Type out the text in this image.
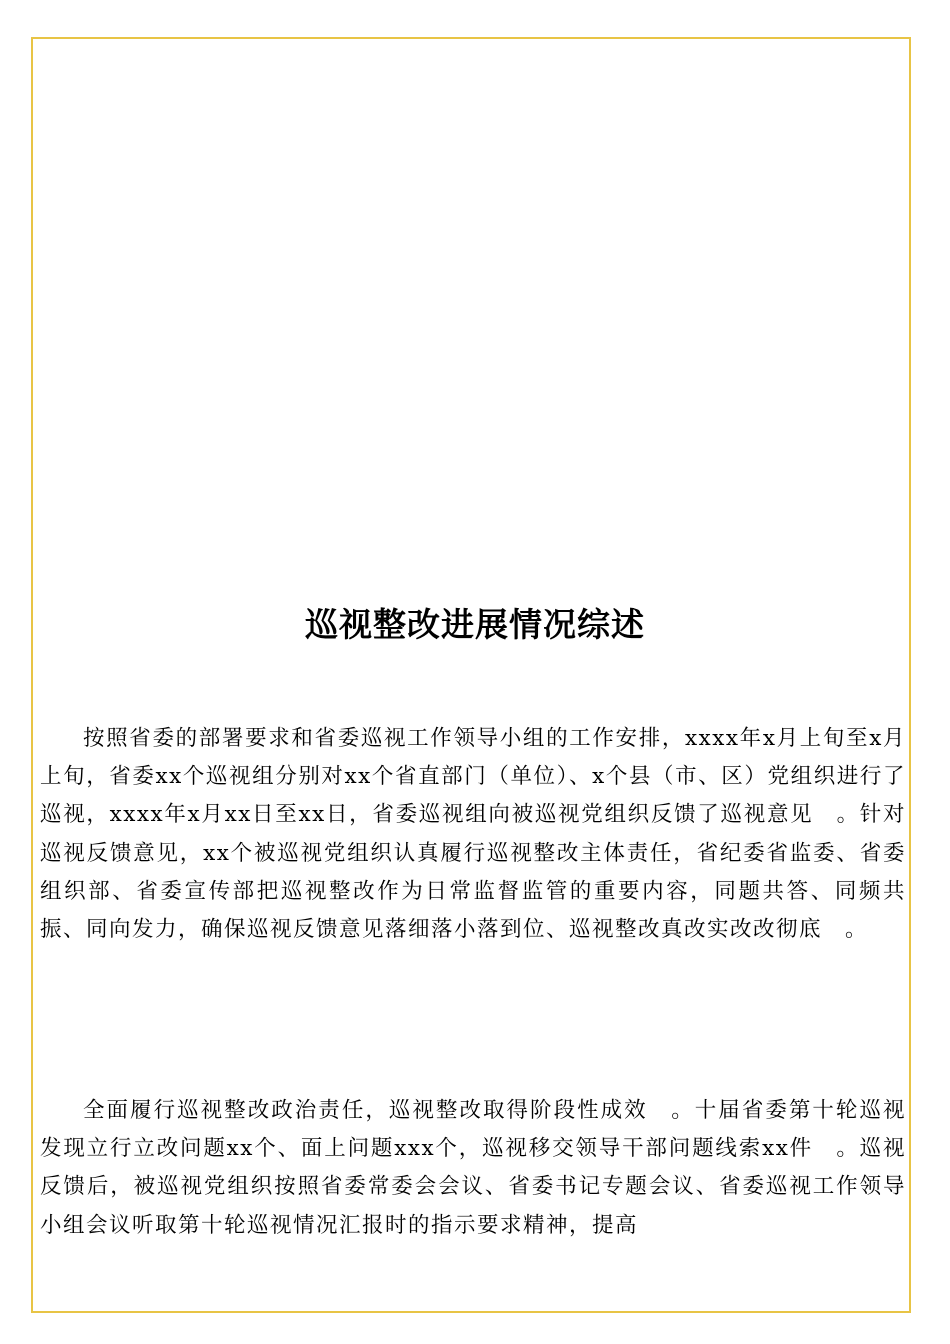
巡视整改进展情况综述

按照省委的部署要求和省委巡视工作领导小组的工作安排，xxxx年x月上旬至x月上旬，省委xx个巡视组分别对xx个省直部门（单位）、x个县（市、区）党组织进行了巡视，xxxx年x月xx日至xx日，省委巡视组向被巡视党组织反馈了巡视意见　。针对巡视反馈意见，xx个被巡视党组织认真履行巡视整改主体责任，省纪委省监委、省委组织部、省委宣传部把巡视整改作为日常监督监管的重要内容，同题共答、同频共振、同向发力，确保巡视反馈意见落细落小落到位、巡视整改真改实改改彻底　。

全面履行巡视整改政治责任，巡视整改取得阶段性成效　。十届省委第十轮巡视发现立行立改问题xx个、面上问题xxx个，巡视移交领导干部问题线索xx件　。巡视反馈后，被巡视党组织按照省委常委会会议、省委书记专题会议、省委巡视工作领导小组会议听取第十轮巡视情况汇报时的指示要求精神，提高
